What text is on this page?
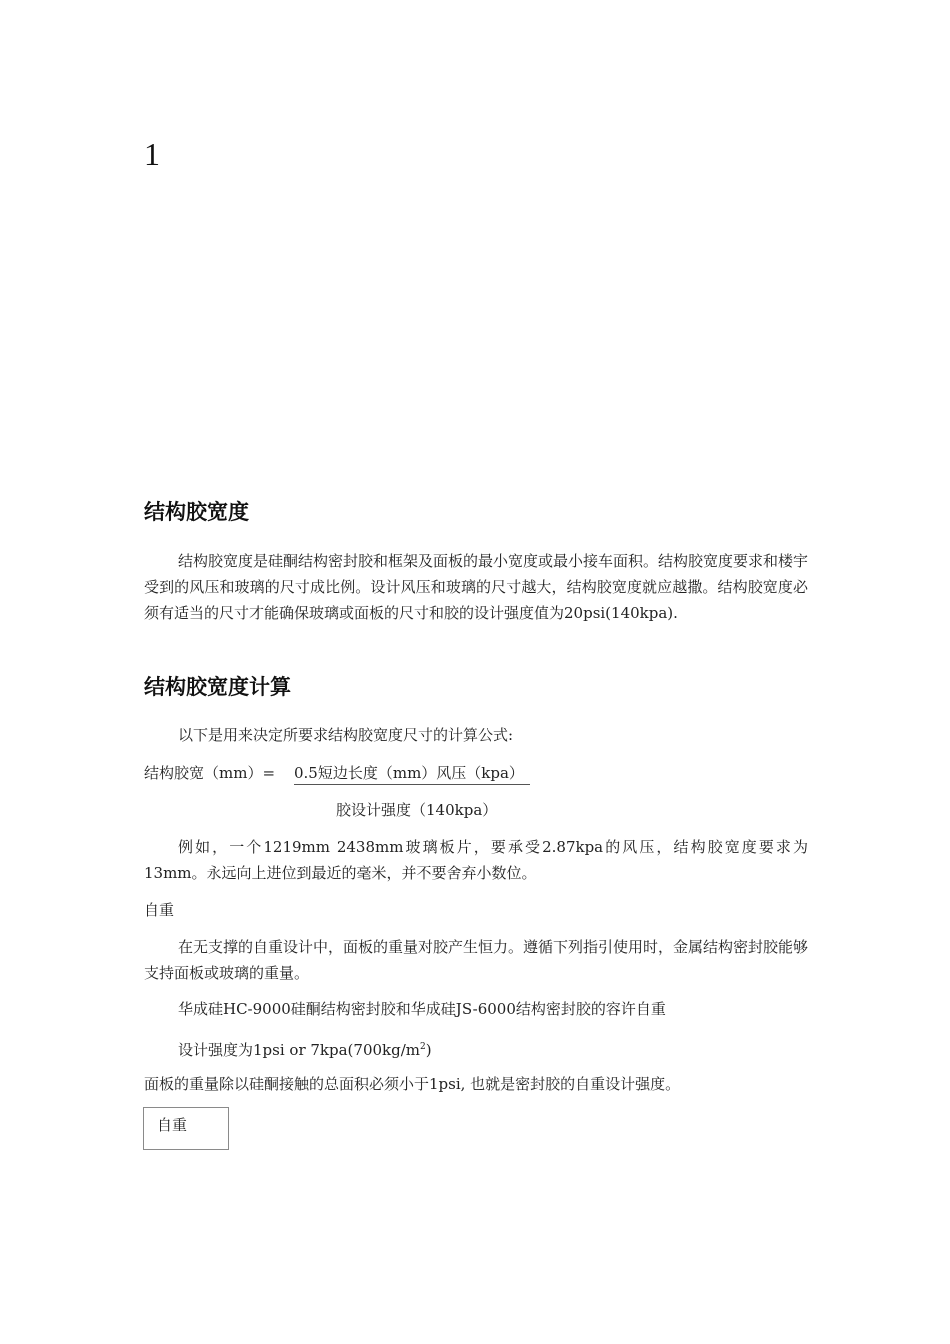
1
结构胶宽度

结构胶宽度是硅酮结构密封胶和框架及面板的最小宽度或最小接车面积。结构胶宽度要求和楼宇受到的风压和玻璃的尺寸成比例。设计风压和玻璃的尺寸越大，结构胶宽度就应越撒。结构胶宽度必须有适当的尺寸才能确保玻璃或面板的尺寸和胶的设计强度值为20psi(140kpa).

结构胶宽度计算
以下是用来决定所要求结构胶宽度尺寸的计算公式:
结构胶宽（mm）= 0.5短边长度（mm）风压（kpa）
胶设计强度（140kpa）

例如，一个1219mm 2438mm玻璃板片，要承受2.87kpa的风压，结构胶宽度要求为13mm。永远向上进位到最近的毫米，并不要舍弃小数位。

自重

在无支撑的自重设计中，面板的重量对胶产生恒力。遵循下列指引使用时，金属结构密封胶能够支持面板或玻璃的重量。

华成硅HC-9000硅酮结构密封胶和华成硅JS-6000结构密封胶的容许自重
设计强度为1psi or $7kpa(700kg/m^2)$
面板的重量除以硅酮接触的总面积必须小于1psi, 也就是密封胶的自重设计强度。
自重
